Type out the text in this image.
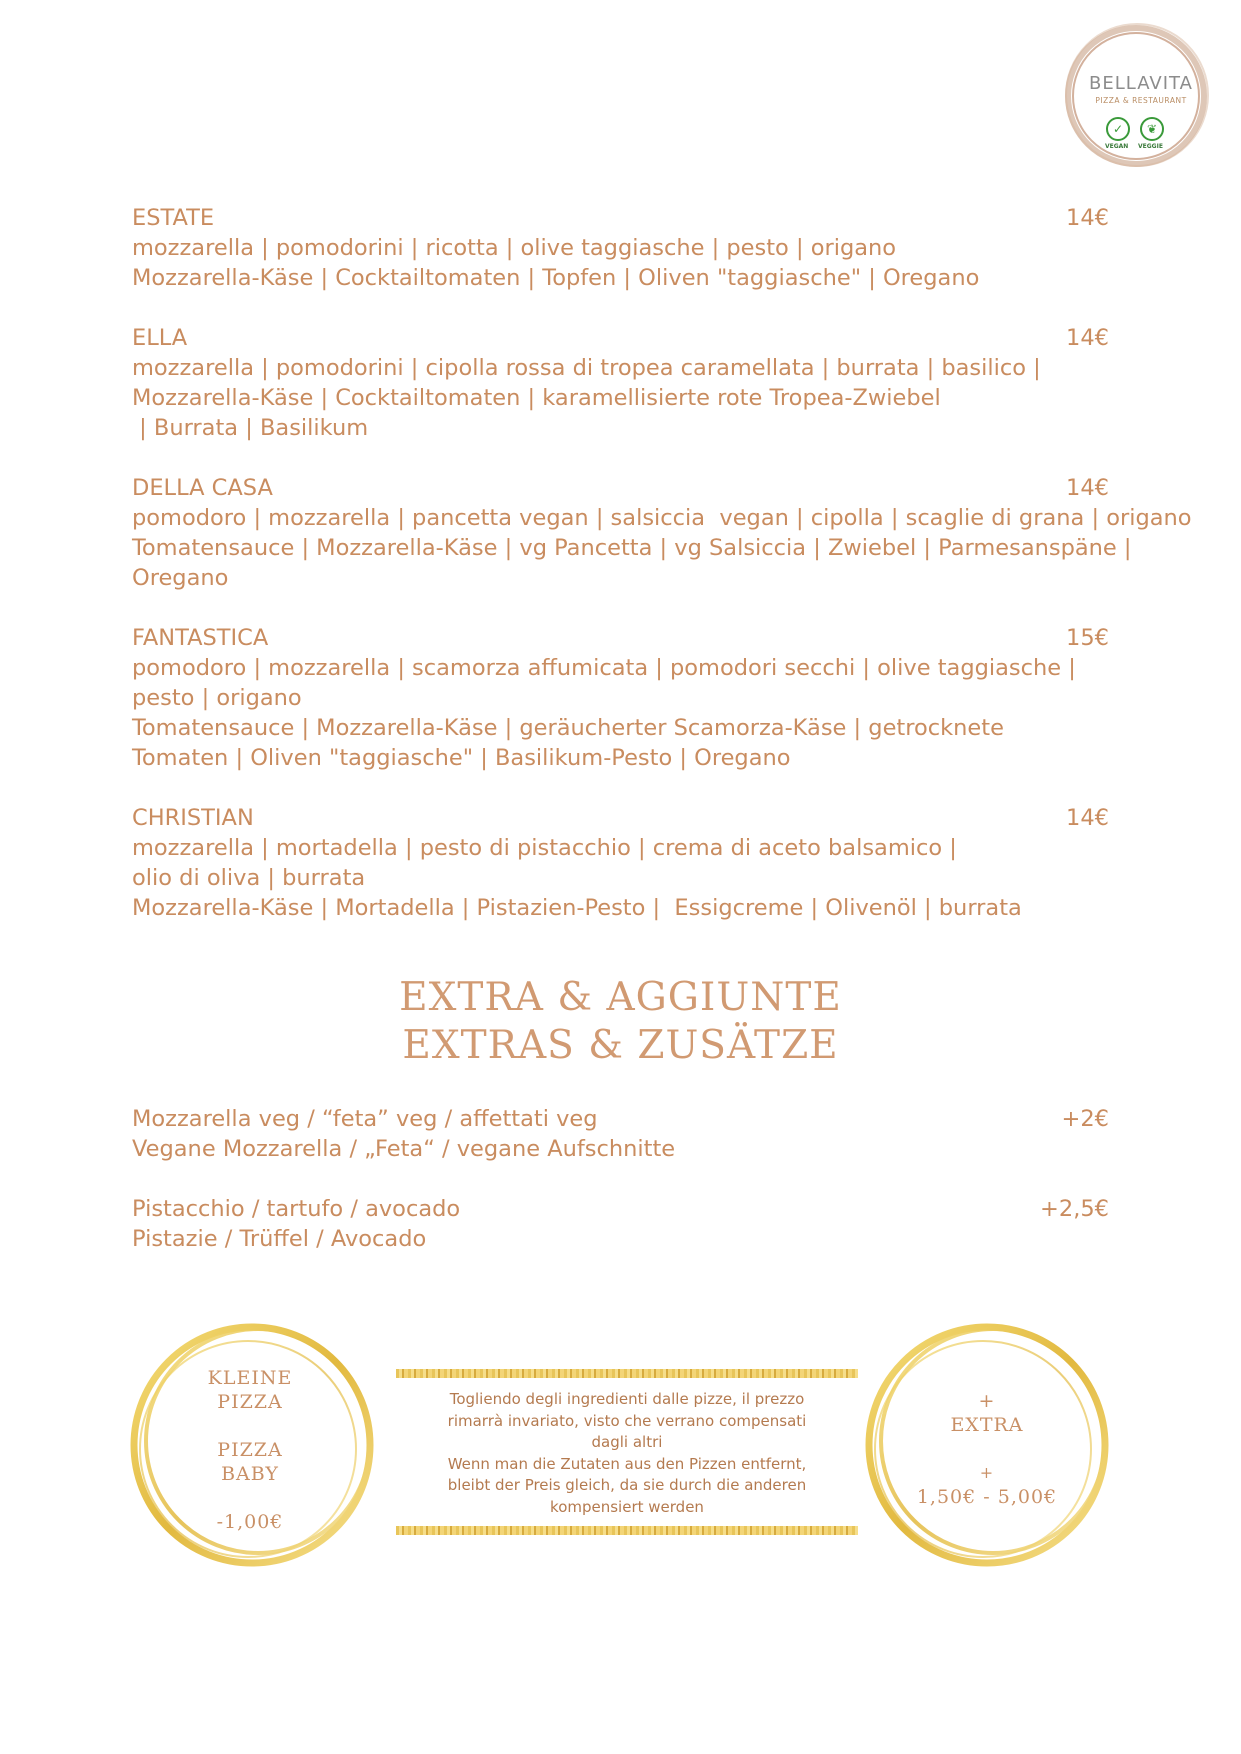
BELLAVITA
PIZZA & RESTAURANT
✓	❦
VEGAN VEGGIE
ESTATE
mozzarella | pomodorini | ricotta | olive taggiasche | pesto | origano
Mozzarella-Käse | Cocktailtomaten | Topfen | Oliven "taggiasche" | Oregano
14€
ELLA
mozzarella | pomodorini | cipolla rossa di tropea caramellata | burrata | basilico |
Mozzarella-Käse | Cocktailtomaten | karamellisierte rote Tropea-Zwiebel
| Burrata | Basilikum
14€
DELLA CASA
pomodoro | mozzarella | pancetta vegan | salsiccia  vegan | cipolla | scaglie di grana | origano
Tomatensauce | Mozzarella-Käse | vg Pancetta | vg Salsiccia | Zwiebel | Parmesanspäne |
Oregano
14€
FANTASTICA
pomodoro | mozzarella | scamorza affumicata | pomodori secchi | olive taggiasche |
pesto | origano
Tomatensauce | Mozzarella-Käse | geräucherter Scamorza-Käse | getrocknete
Tomaten | Oliven "taggiasche" | Basilikum-Pesto | Oregano
15€
CHRISTIAN
mozzarella | mortadella | pesto di pistacchio | crema di aceto balsamico |
olio di oliva | burrata
Mozzarella-Käse | Mortadella | Pistazien-Pesto |  Essigcreme | Olivenöl | burrata
14€
EXTRA & AGGIUNTE
EXTRAS & ZUSÄTZE
Mozzarella veg / “feta” veg / affettati veg
Vegane Mozzarella / „Feta“ / vegane Aufschnitte
+2€
Pistacchio / tartufo / avocado
Pistazie / Trüffel / Avocado
+2,5€
KLEINE
PIZZA
PIZZA
BABY
-1,00€
Togliendo degli ingredienti dalle pizze, il prezzo
rimarrà invariato, visto che verrano compensati
dagli altri
Wenn man die Zutaten aus den Pizzen entfernt,
bleibt der Preis gleich, da sie durch die anderen
kompensiert werden
+
EXTRA
+
1,50€ - 5,00€
